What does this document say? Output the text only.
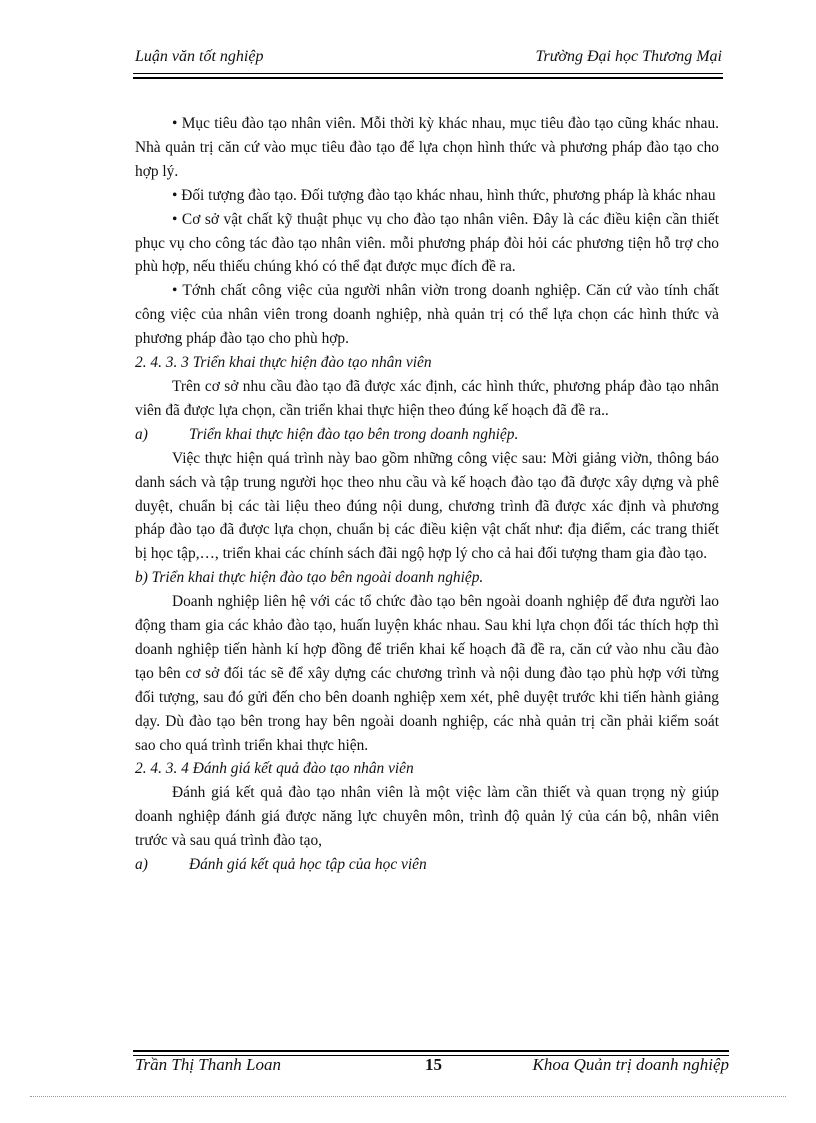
Luận văn tốt nghiệp	Trường Đại học Thương Mại

• Mục tiêu đào tạo nhân viên. Mỗi thời kỳ khác nhau, mục tiêu đào tạo cũng khác nhau. Nhà quản trị căn cứ vào mục tiêu đào tạo để lựa chọn hình thức và phương pháp đào tạo cho hợp lý.

• Đối tượng đào tạo. Đối tượng đào tạo khác nhau, hình thức, phương pháp là khác nhau

• Cơ sở vật chất kỹ thuật phục vụ cho đào tạo nhân viên. Đây là các điều kiện cần thiết phục vụ cho công tác đào tạo nhân viên. mỗi phương pháp đòi hỏi các phương tiện hỗ trợ cho phù hợp, nếu thiếu chúng khó có thể đạt được mục đích đề ra.

• Tớnh chất công việc của người nhân viờn trong doanh nghiệp. Căn cứ vào tính chất công việc của nhân viên trong doanh nghiệp, nhà quản trị có thể lựa chọn các hình thức và phương pháp đào tạo cho phù hợp.

2. 4. 3. 3 Triển khai thực hiện đào tạo nhân viên

Trên cơ sở nhu cầu đào tạo đã được xác định, các hình thức, phương pháp đào tạo nhân viên đã được lựa chọn, cần triển khai thực hiện theo đúng kế hoạch đã đề ra..

a)	Triển khai thực hiện đào tạo bên trong doanh nghiệp.

Việc thực hiện quá trình này bao gồm những công việc sau: Mời giảng viờn, thông báo danh sách và tập trung người học theo nhu cầu và kế hoạch đào tạo đã được xây dựng và phê duyệt, chuẩn bị các tài liệu theo đúng nội dung, chương trình đã được xác định và phương pháp đào tạo đã được lựa chọn, chuẩn bị các điều kiện vật chất như: địa điểm, các trang thiết bị học tập,…, triển khai các chính sách đãi ngộ hợp lý cho cả hai đối tượng tham gia đào tạo.

b) Triển khai thực hiện đào tạo bên ngoài doanh nghiệp.

Doanh nghiệp liên hệ với các tổ chức đào tạo bên ngoài doanh nghiệp để đưa người lao động tham gia các khảo đào tạo, huấn luyện khác nhau. Sau khi lựa chọn đối tác thích hợp thì doanh nghiệp tiến hành kí hợp đồng để triển khai kế hoạch đã đề ra, căn cứ vào nhu cầu đào tạo bên cơ sở đối tác sẽ để xây dựng các chương trình và nội dung đào tạo phù hợp với từng đối tượng, sau đó gửi đến cho bên doanh nghiệp xem xét, phê duyệt trước khi tiến hành giảng dạy. Dù đào tạo bên trong hay bên ngoài doanh nghiệp, các nhà quản trị cần phải kiểm soát sao cho quá trình triển khai thực hiện.

2. 4. 3. 4 Đánh giá kết quả đào tạo nhân viên

Đánh giá kết quả đào tạo nhân viên là một việc làm cần thiết và quan trọng nỳ giúp doanh nghiệp đánh giá được năng lực chuyên môn, trình độ quản lý của cán bộ, nhân viên trước và sau quá trình đào tạo,

a)	Đánh giá kết quả học tập của học viên

Trần Thị Thanh Loan	15	Khoa Quản trị doanh nghiệp
